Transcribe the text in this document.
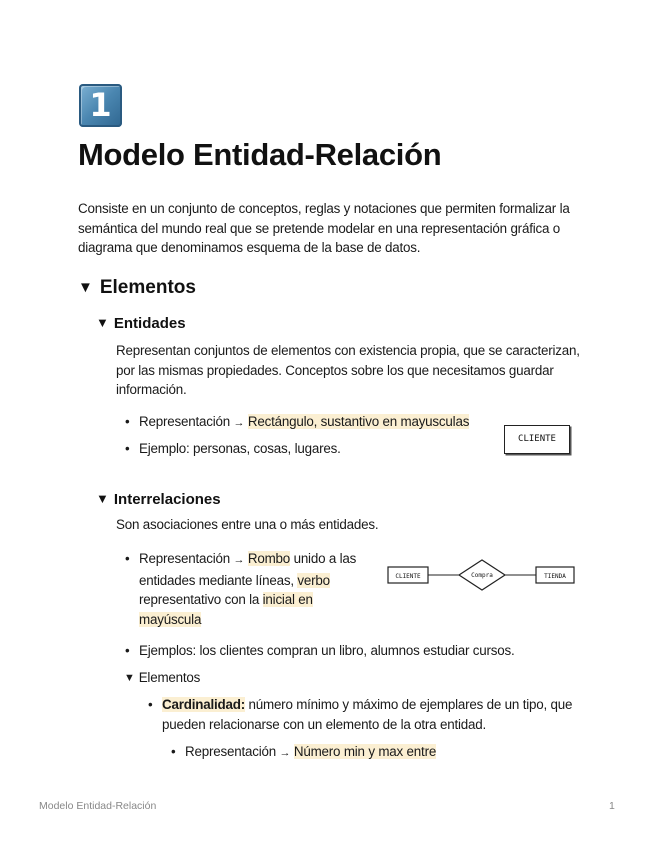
1
Modelo Entidad-Relación

Consiste en un conjunto de conceptos, reglas y notaciones que permiten formalizar la semántica del mundo real que se pretende modelar en una representación gráfica o diagrama que denominamos esquema de la base de datos.

▼ Elementos
▼ Entidades

Representan conjuntos de elementos con existencia propia, que se caracterizan, por las mismas propiedades. Conceptos sobre los que necesitamos guardar información.

• Representación → Rectángulo, sustantivo en mayusculas
• Ejemplo: personas, cosas, lugares.
CLIENTE
▼ Interrelaciones

Son asociaciones entre una o más entidades.

• Representación → Rombo unido a las entidades mediante líneas, verbo representativo con la inicial en mayúscula
CLIENTE	Compra	TIENDA
• Ejemplos: los clientes compran un libro, alumnos estudiar cursos.
▼ Elementos
• Cardinalidad: número mínimo y máximo de ejemplares de un tipo, que pueden relacionarse con un elemento de la otra entidad.
• Representación → Número min y max entre
Modelo Entidad-Relación	1
